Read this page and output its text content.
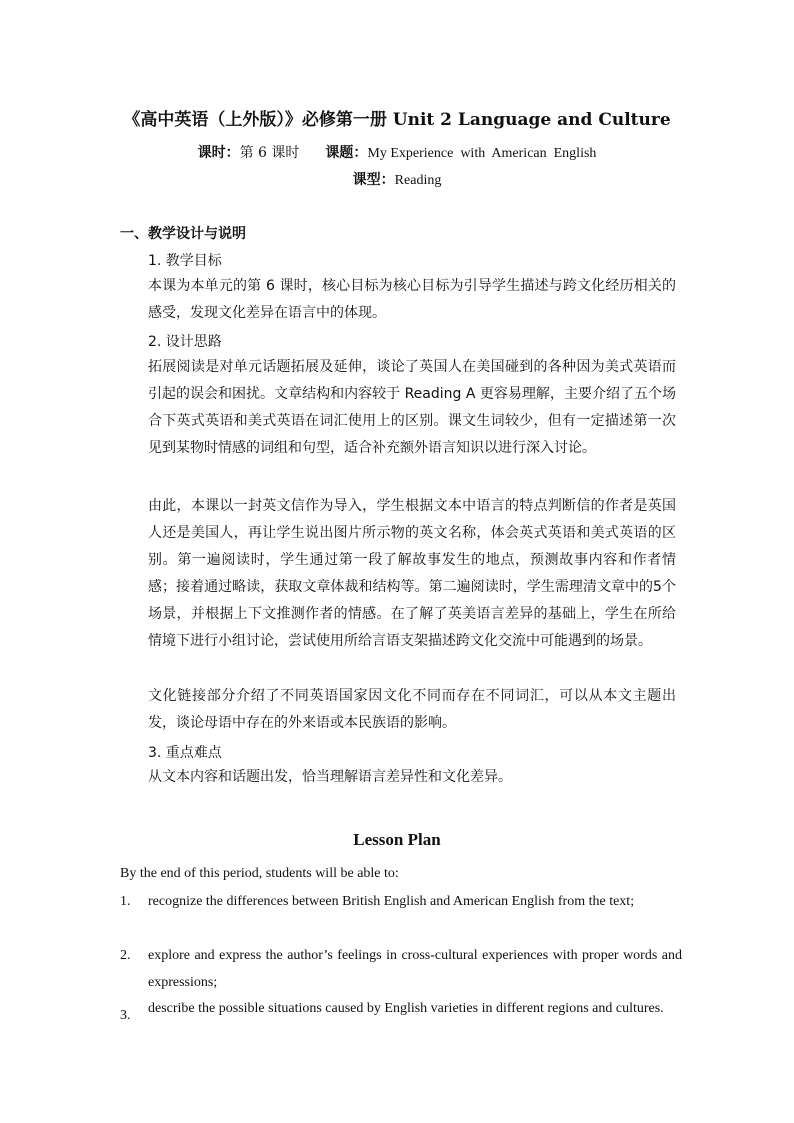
《高中英语（上外版）》必修第一册 Unit 2 Language and Culture
课时：第 6 课时 课题：My Experience  with  American  English
课型：Reading
一、教学设计与说明
1. 教学目标
本课为本单元的第 6 课时，核心目标为核心目标为引导学生描述与跨文化经历相关的感受，发现文化差异在语言中的体现。
2. 设计思路
拓展阅读是对单元话题拓展及延伸，谈论了英国人在美国碰到的各种因为美式英语而引起的误会和困扰。文章结构和内容较于 Reading A 更容易理解，主要介绍了五个场合下英式英语和美式英语在词汇使用上的区别。课文生词较少，但有一定描述第一次见到某物时情感的词组和句型，适合补充额外语言知识以进行深入讨论。
由此，本课以一封英文信作为导入，学生根据文本中语言的特点判断信的作者是英国人还是美国人，再让学生说出图片所示物的英文名称，体会英式英语和美式英语的区别。第一遍阅读时，学生通过第一段了解故事发生的地点，预测故事内容和作者情感；接着通过略读，获取文章体裁和结构等。第二遍阅读时，学生需理清文章中的5个场景，并根据上下文推测作者的情感。在了解了英美语言差异的基础上，学生在所给情境下进行小组讨论，尝试使用所给言语支架描述跨文化交流中可能遇到的场景。
文化链接部分介绍了不同英语国家因文化不同而存在不同词汇，可以从本文主题出发，谈论母语中存在的外来语或本民族语的影响。
3. 重点难点
从文本内容和话题出发，恰当理解语言差异性和文化差异。
Lesson Plan
By the end of this period, students will be able to:
1. recognize the differences between British English and American English from the text;
2. explore and express the author’s feelings in cross-cultural experiences with proper words and expressions;
3. describe the possible situations caused by English varieties in different regions and cultures.
